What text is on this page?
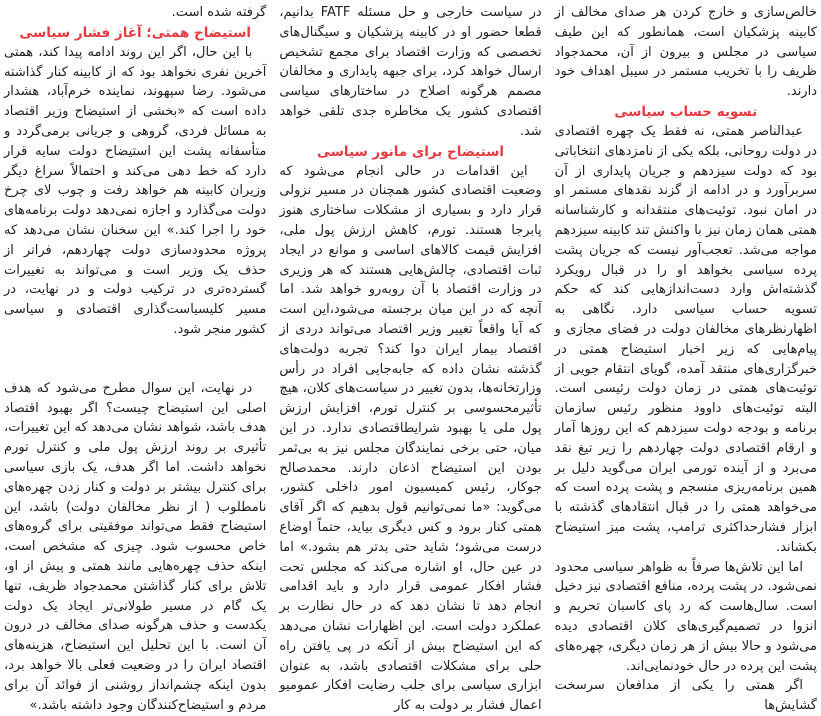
خالص‌سازی و خارج کردن هر صدای مخالف از کابینه پزشکیان است، همانطور که این طیف سیاسی در مجلس و بیرون از آن، محمدجواد ظریف را با تخریب مستمر در سیبل اهداف خود دارند.

تسویه حساب سیاسی

عبدالناصر همتی، نه فقط یک چهره اقتصادی در دولت روحانی، بلکه یکی از نامزدهای انتخاباتی بود که دولت سیزدهم و جریان پایداری از آن سربرآورد و در ادامه از گزند نقدهای مستمر او در امان نبود. توئیت‌های منتقدانه و کارشناسانه همتی همان زمان نیز با واکنش تند کابینه سیزدهم مواجه می‌شد. تعجب‌آور نیست که جریان پشت پرده سیاسی بخواهد او را در قبال رویکرد گذشته‌اش وارد دست‌اندازهایی کند که حکم تسویه حساب سیاسی دارد. نگاهی به اظهارنظرهای مخالفان دولت در فضای مجازی و پیام‌هایی که زیر اخبار استیضاح همتی در خبرگزاری‌های منتقد آمده، گویای انتقام جویی از توئیت‌های همتی در زمان دولت رئیسی است. البته توئیت‌های داوود منظور رئیس سازمان برنامه و بودجه دولت سیزدهم که این روزها آمار و ارقام اقتصادی دولت چهاردهم را زیر تیغ نقد می‌برد و از آینده تورمی ایران می‌گوید دلیل بر همین برنامه‌ریزی منسجم و پشت پرده است که می‌خواهد همتی را در قبال انتقادهای گذشته با ابزار فشارحداکثری ترامپ، پشت میز استیضاح بکشاند.

اما این تلاش‌ها صرفاً به ظواهر سیاسی محدود نمی‌شود. در پشت پرده، منافع اقتصادی نیز دخیل است. سال‌هاست که رد پای کاسبان تحریم و انزوا در تصمیم‌گیری‌های کلان اقتصادی دیده می‌شود و حالا بیش از هر زمان دیگری، چهره‌های پشت این پرده در حال خودنمایی‌اند.

اگر همتی را یکی از مدافعان سرسخت گشایش‌ها

در سیاست خارجی و حل مسئله FATF بدانیم، قطعا حضور او در کابینه پزشکیان و سیگنال‌های تخصصی که وزارت اقتصاد برای مجمع تشخیص ارسال خواهد کرد، برای جبهه پایداری و مخالفان مصمم هرگونه اصلاح در ساختارهای سیاسی اقتصادی کشور یک مخاطره جدی تلقی خواهد شد.

استیضاح برای مانور سیاسی

این اقدامات در حالی انجام می‌شود که وضعیت اقتصادی کشور همچنان در مسیر نزولی قرار دارد و بسیاری از مشکلات ساختاری هنوز پابرجا هستند. تورم، کاهش ارزش پول ملی، افزایش قیمت کالاهای اساسی و موانع در ایجاد ثبات اقتصادی، چالش‌هایی هستند که هر وزیری در وزارت اقتصاد با آن روبه‌رو خواهد شد. اما آنچه که در این میان برجسته می‌شود،این است که آیا واقعاً تغییر وزیر اقتصاد می‌تواند دردی از اقتصاد بیمار ایران دوا کند؟ تجربه دولت‌های گذشته نشان داده که جابه‌جایی افراد در رأس وزارتخانه‌ها، بدون تغییر در سیاست‌های کلان، هیچ تأثیرمحسوسی بر کنترل تورم، افزایش ارزش پول ملی یا بهبود شرایطاقتصادی ندارد. در این میان، حتی برخی نمایندگان مجلس نیز به بی‌ثمر بودن این استیضاح اذعان دارند. محمدصالح جوکار، رئیس کمیسیون امور داخلی کشور، می‌گوید: «ما نمی‌توانیم قول بدهیم که اگر آقای همتی کنار برود و کس دیگری بیاید، حتماً اوضاع درست می‌شود؛ شاید حتی بدتر هم بشود.» اما در عین حال، او اشاره می‌کند که مجلس تحت فشار افکار عمومی قرار دارد و باید اقدامی انجام دهد تا نشان دهد که در حال نظارت بر عملکرد دولت است. این اظهارات نشان می‌دهد که این استیضاح بیش از آنکه در پی یافتن راه حلی برای مشکلات اقتصادی باشد، به عنوان ابزاری سیاسی برای جلب رضایت افکار عمومیو اعمال فشار بر دولت به کار

گرفته شده است.

استیضاح همتی؛ آغاز فشار سیاسی

با این حال، اگر این روند ادامه پیدا کند، همتی آخرین نفری نخواهد بود که از کابینه کنار گذاشته می‌شود. رضا سپهوند، نماینده خرم‌آباد، هشدار داده است که «بخشی از استیضاح وزیر اقتصاد به مسائل فردی، گروهی و جریانی برمی‌گردد و متأسفانه پشت این استیضاح دولت سایه قرار دارد که خط دهی می‌کند و احتمالاً سراغ دیگر وزیران کابینه هم خواهد رفت و چوب لای چرخ دولت می‌گذارد و اجازه نمی‌دهد دولت برنامه‌های خود را اجرا کند.» این سخنان نشان می‌دهد که پروژه محدودسازی دولت چهاردهم، فراتر از حذف یک وزیر است و می‌تواند به تغییرات گسترده‌تری در ترکیب دولت و در نهایت، در مسیر کلیسیاست‌گذاری اقتصادی و سیاسی کشور منجر شود.

در نهایت، این سوال مطرح می‌شود که هدف اصلی این استیضاح چیست؟ اگر بهبود اقتصاد هدف باشد، شواهد نشان می‌دهد که این تغییرات، تأثیری بر روند ارزش پول ملی و کنترل تورم نخواهد داشت. اما اگر هدف، یک بازی سیاسی برای کنترل بیشتر بر دولت و کنار زدن چهره‌های نامطلوب ( از نظر مخالفان دولت) باشد، این استیضاح فقط می‌تواند موفقیتی برای گروه‌های خاص محسوب شود. چیزی که مشخص است، اینکه حذف چهره‌هایی مانند همتی و پیش از او، تلاش برای کنار گذاشتن محمدجواد ظریف، تنها یک گام در مسیر طولانی‌تر ایجاد یک دولت یکدست و حذف هرگونه صدای مخالف در درون آن است. با این تحلیل این استیضاح، هزینه‌های اقتصاد ایران را در وضعیت فعلی بالا خواهد برد، بدون اینکه چشم‌انداز روشنی از فوائد آن برای مردم و استیضاح‌کنندگان وجود داشته باشد.»
